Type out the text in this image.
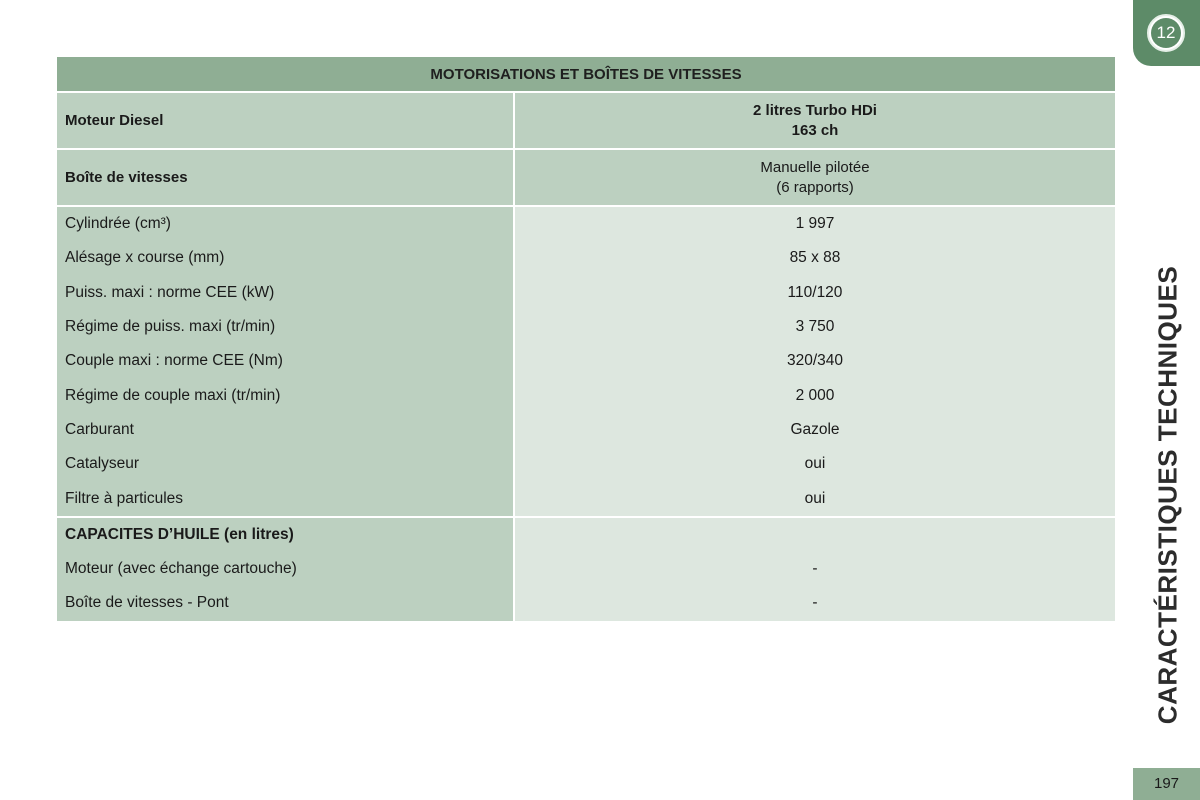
12
CARACTÉRISTIQUES TECHNIQUES
197
MOTORISATIONS ET BOÎTES DE VITESSES
Moteur Diesel
2 litres Turbo HDi
163 ch
Boîte de vitesses
Manuelle pilotée
(6 rapports)
Cylindrée (cm³)
Alésage x course (mm)
Puiss. maxi : norme CEE (kW)
Régime de puiss. maxi (tr/min)
Couple maxi : norme CEE (Nm)
Régime de couple maxi (tr/min)
Carburant
Catalyseur
Filtre à particules
1 997
85 x 88
110/120
3 750
320/340
2 000
Gazole
oui
oui
CAPACITES D’HUILE (en litres)
Moteur (avec échange cartouche)
Boîte de vitesses - Pont
-
-
